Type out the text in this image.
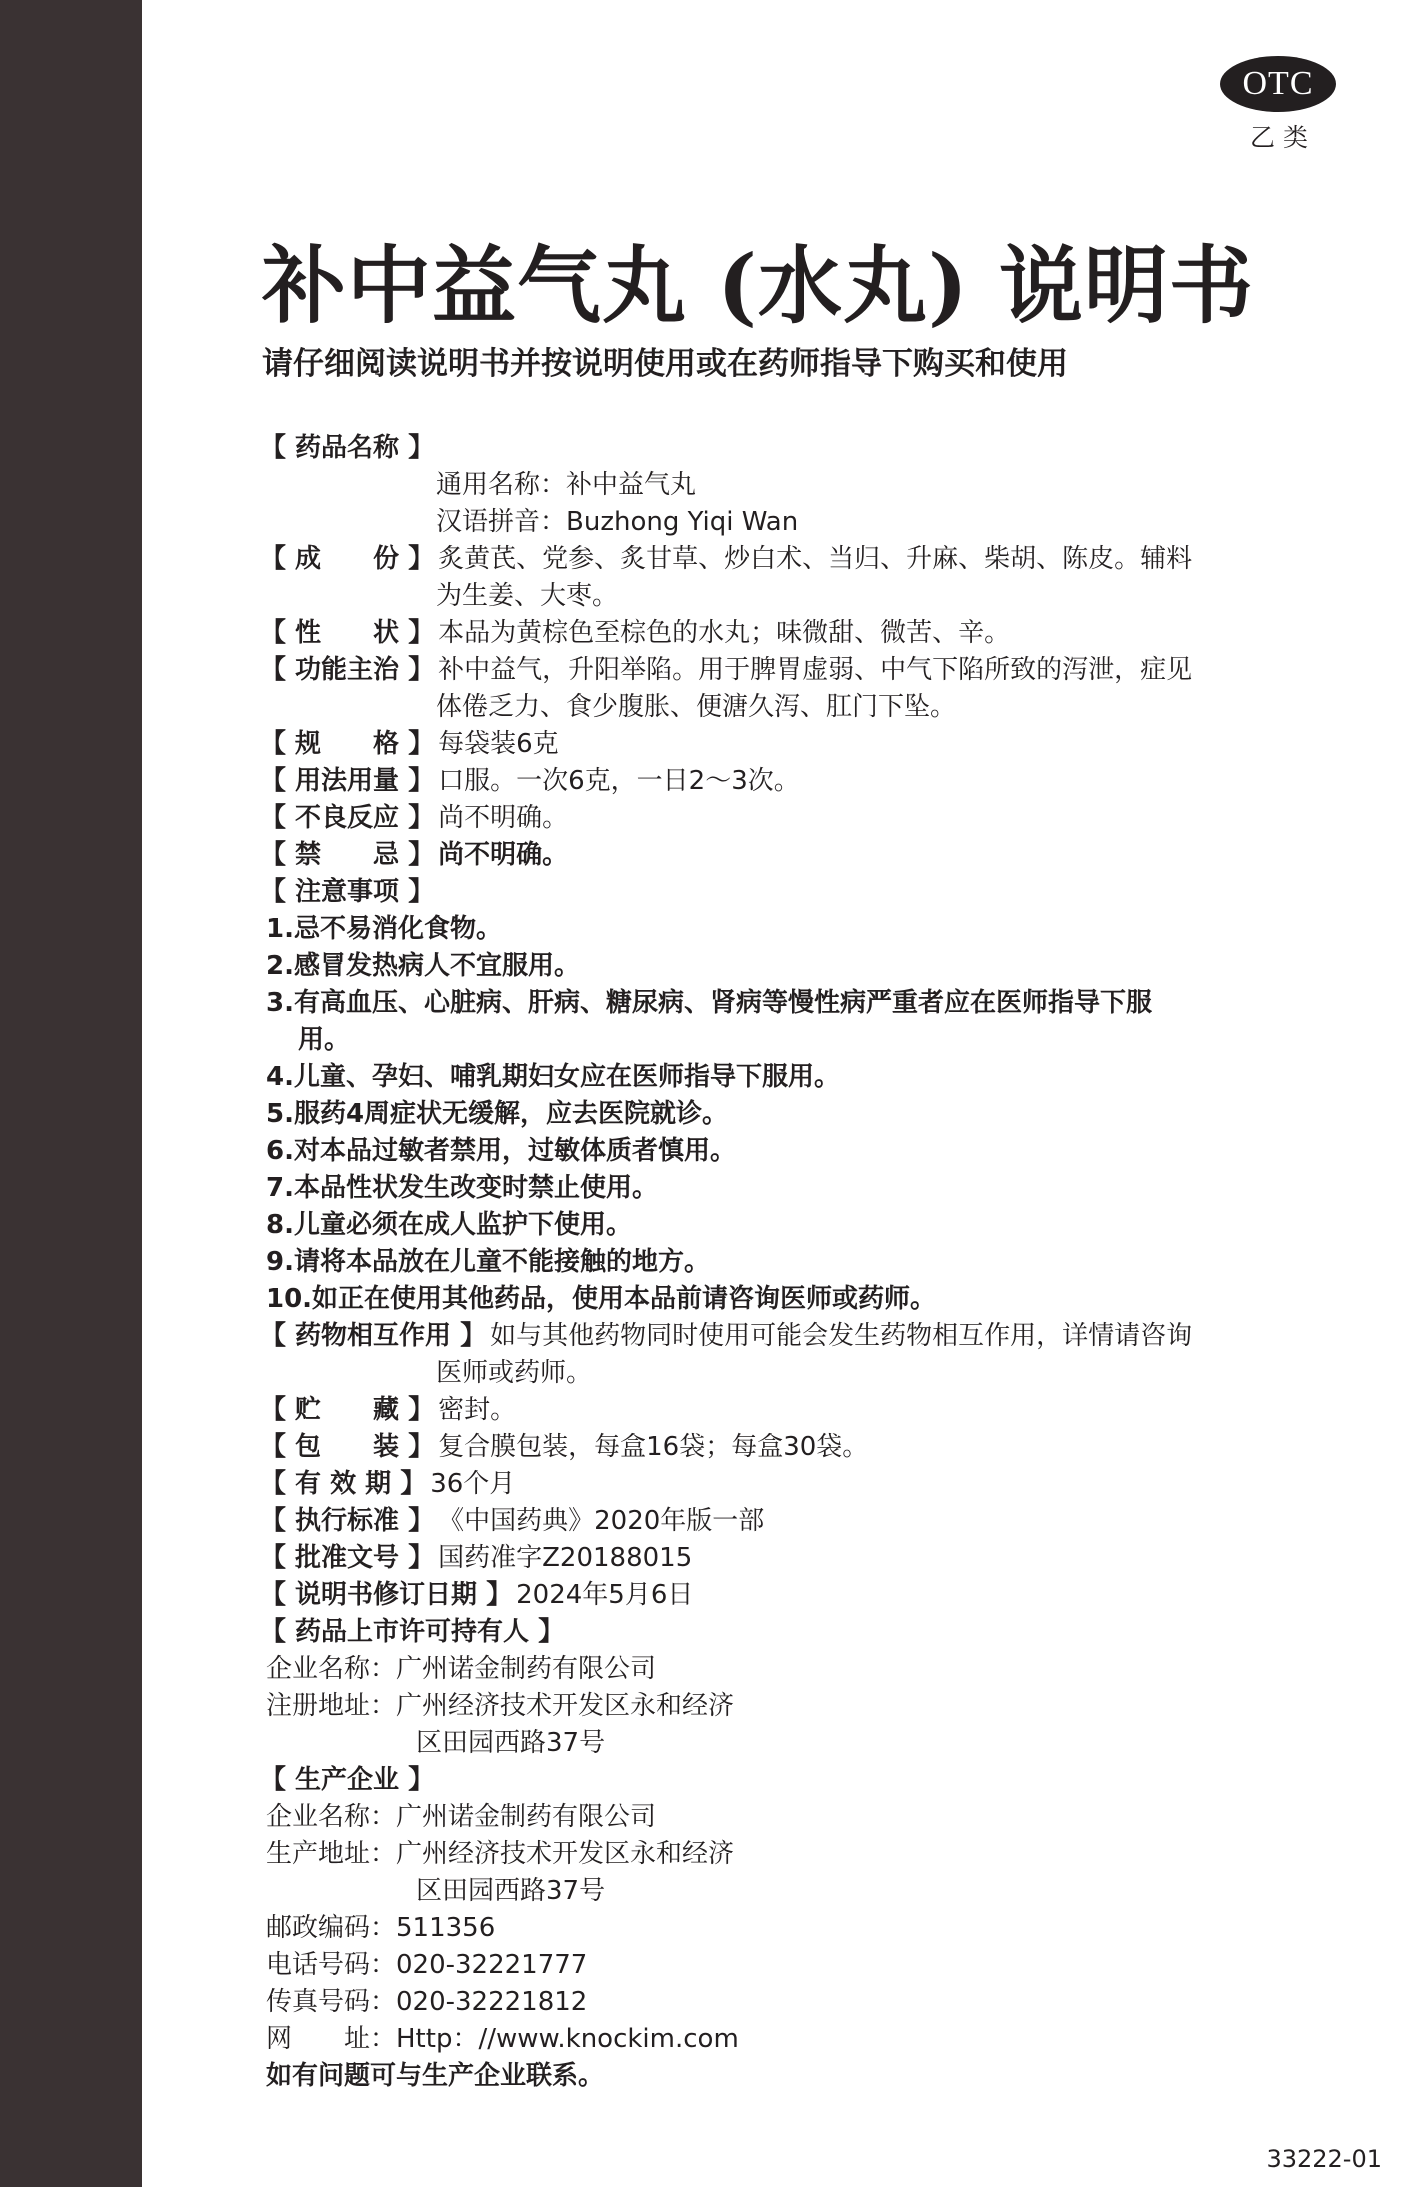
OTC
乙类
补中益气丸 (水丸) 说明书

请仔细阅读说明书并按说明使用或在药师指导下购买和使用

【 药品名称 】
通用名称：补中益气丸
汉语拼音：Buzhong Yiqi Wan
【 成　　份 】 炙黄芪、党参、炙甘草、炒白术、当归、升麻、柴胡、陈皮。辅料
为生姜、大枣。
【 性　　状 】 本品为黄棕色至棕色的水丸；味微甜、微苦、辛。
【 功能主治 】 补中益气，升阳举陷。用于脾胃虚弱、中气下陷所致的泻泄，症见
体倦乏力、食少腹胀、便溏久泻、肛门下坠。
【 规　　格 】 每袋装6克
【 用法用量 】 口服。一次6克，一日2～3次。
【 不良反应 】 尚不明确。
【 禁　　忌 】 尚不明确。
【 注意事项 】
1.忌不易消化食物。
2.感冒发热病人不宜服用。
3.有高血压、心脏病、肝病、糖尿病、肾病等慢性病严重者应在医师指导下服
用。
4.儿童、孕妇、哺乳期妇女应在医师指导下服用。
5.服药4周症状无缓解，应去医院就诊。
6.对本品过敏者禁用，过敏体质者慎用。
7.本品性状发生改变时禁止使用。
8.儿童必须在成人监护下使用。
9.请将本品放在儿童不能接触的地方。
10.如正在使用其他药品，使用本品前请咨询医师或药师。
【 药物相互作用 】 如与其他药物同时使用可能会发生药物相互作用，详情请咨询
医师或药师。
【 贮　　藏 】 密封。
【 包　　装 】 复合膜包装，每盒16袋；每盒30袋。
【 有 效 期 】 36个月
【 执行标准 】 《中国药典》2020年版一部
【 批准文号 】 国药准字Z20188015
【 说明书修订日期 】 2024年5月6日
【 药品上市许可持有人 】
企业名称：广州诺金制药有限公司
注册地址：广州经济技术开发区永和经济
区田园西路37号
【 生产企业 】
企业名称：广州诺金制药有限公司
生产地址：广州经济技术开发区永和经济
区田园西路37号
邮政编码：511356
电话号码：020-32221777
传真号码：020-32221812
网　　址：Http：//www.knockim.com
如有问题可与生产企业联系。
33222-01
